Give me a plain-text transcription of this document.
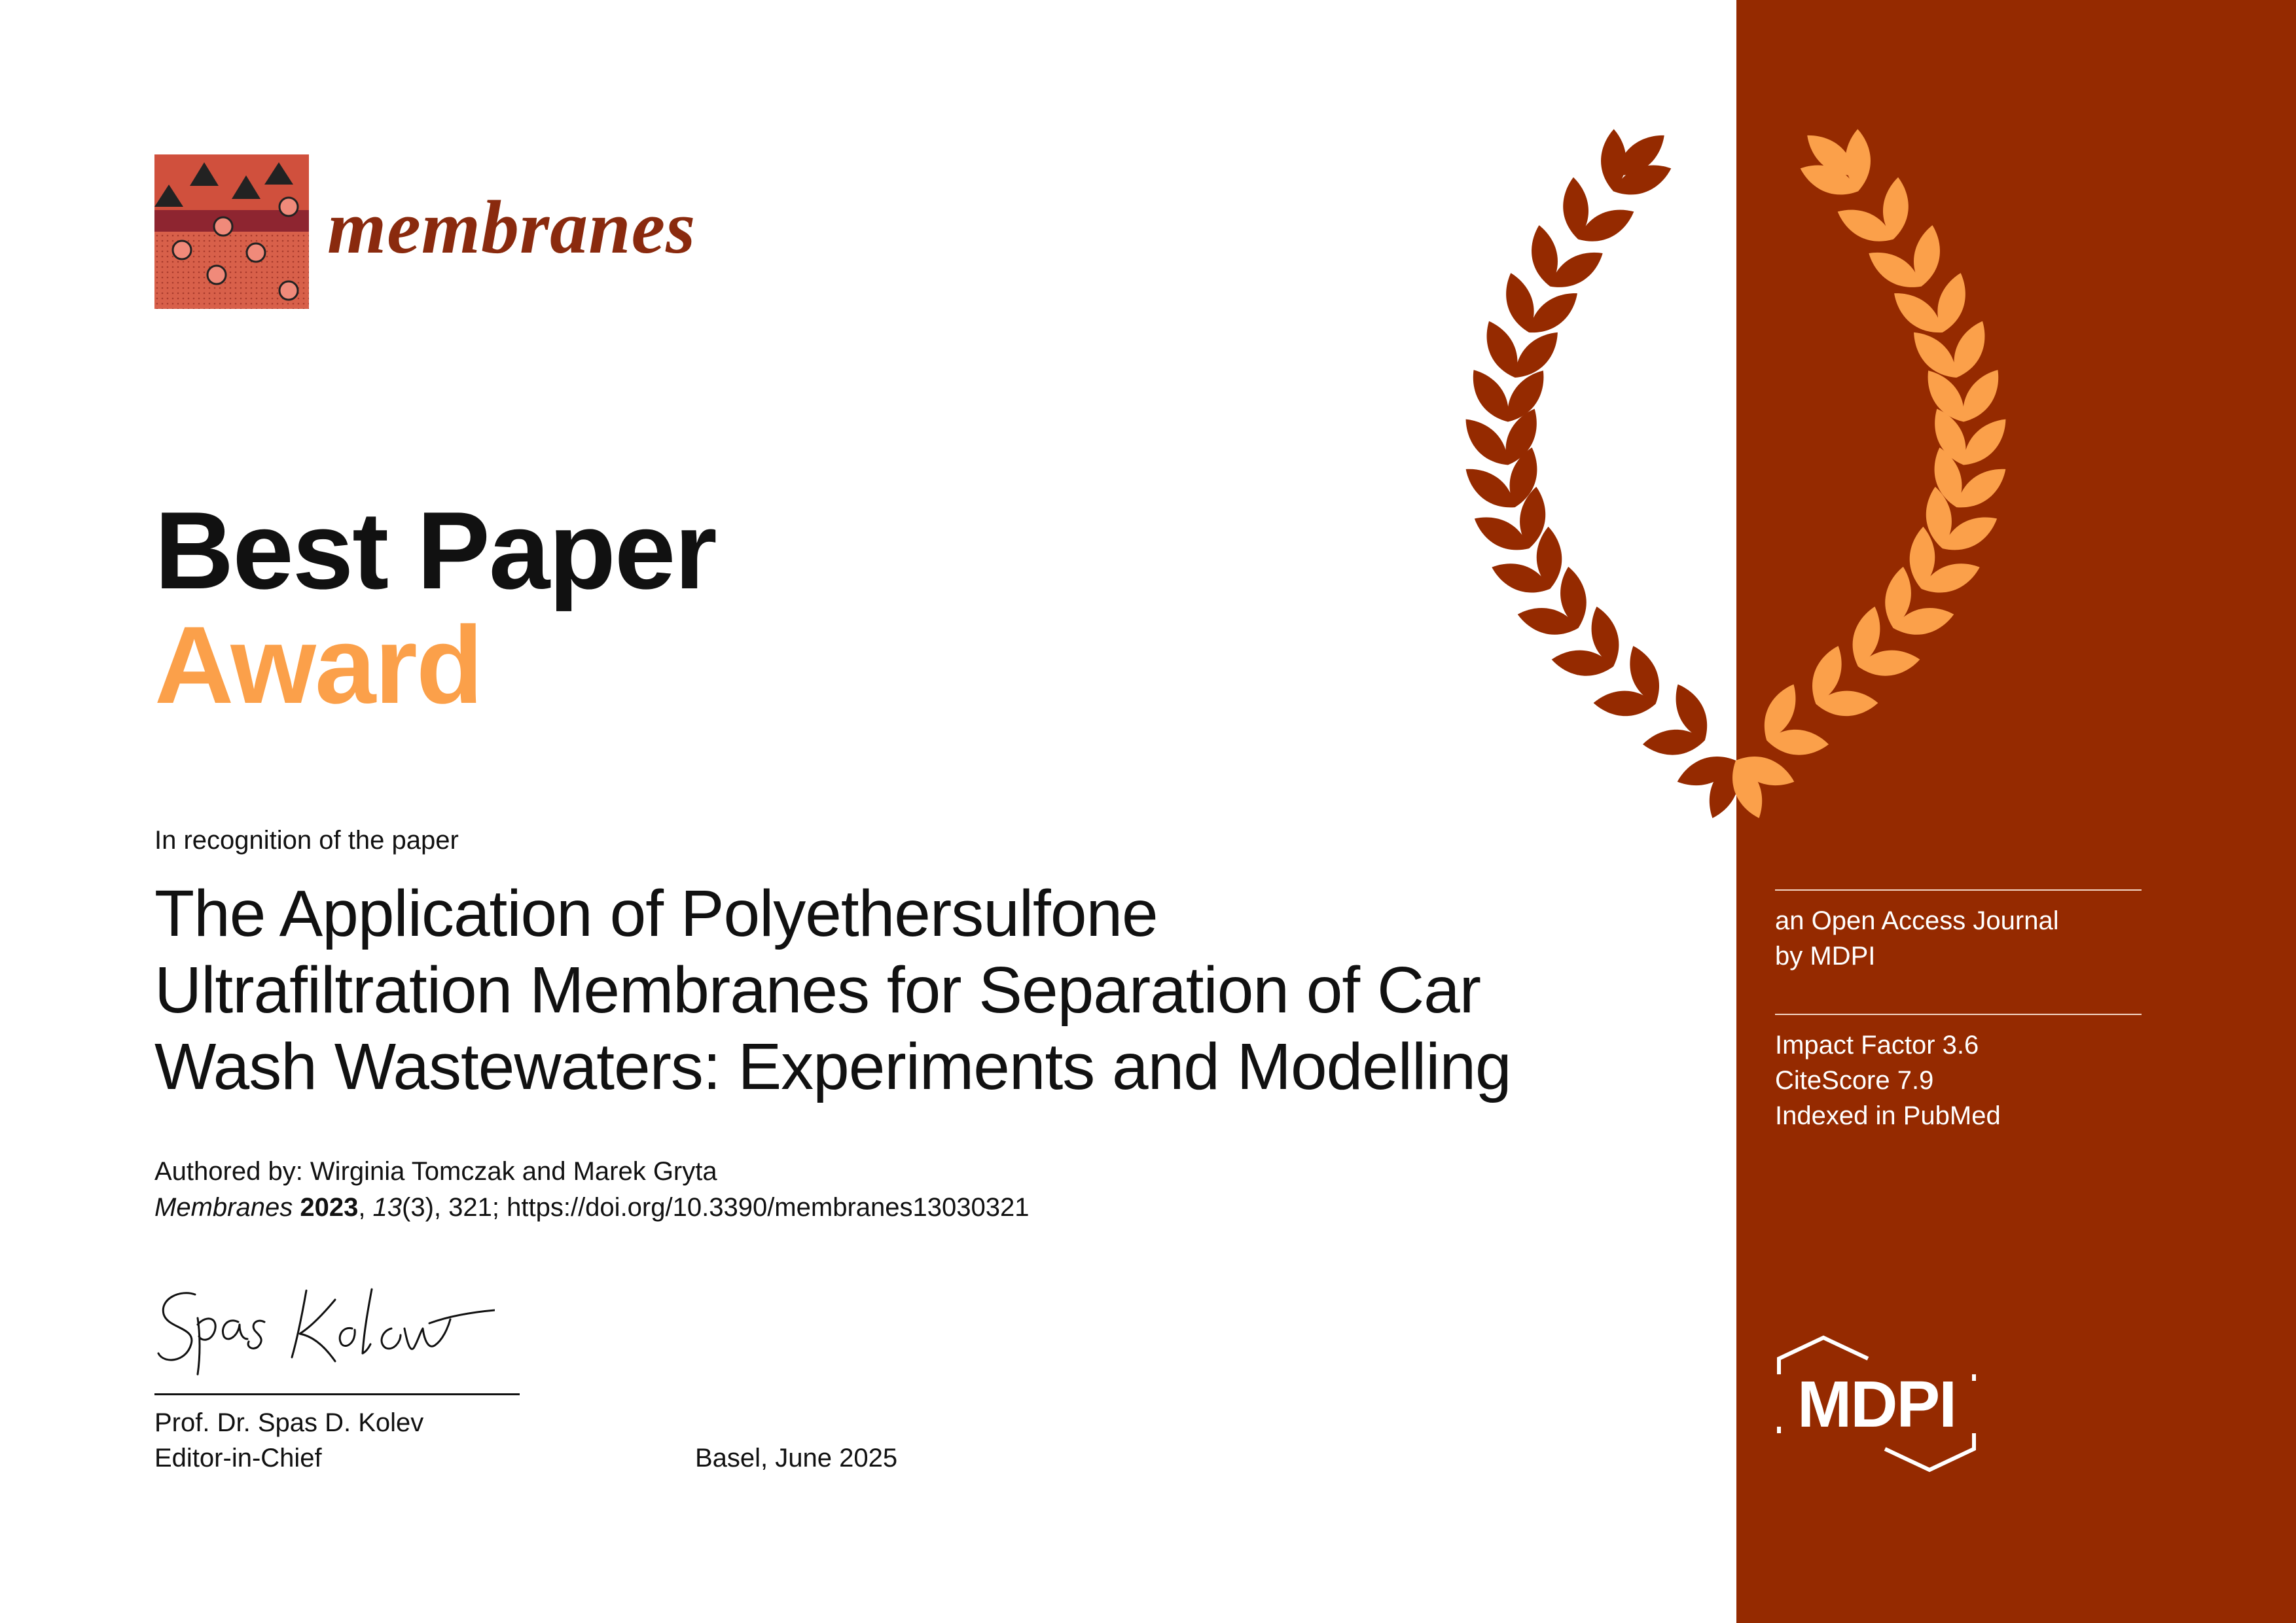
membranes
Best Paper
Award
In recognition of the paper
The Application of Polyethersulfone
Ultrafiltration Membranes for Separation of Car
Wash Wastewaters: Experiments and Modelling
Authored by: Wirginia Tomczak and Marek Gryta
Membranes 2023, 13(3), 321; https://doi.org/10.3390/membranes13030321
Prof. Dr. Spas D. Kolev
Editor-in-Chief	Basel, June 2025
an Open Access Journal
by MDPI
Impact Factor 3.6
CiteScore 7.9
Indexed in PubMed
MDPI
